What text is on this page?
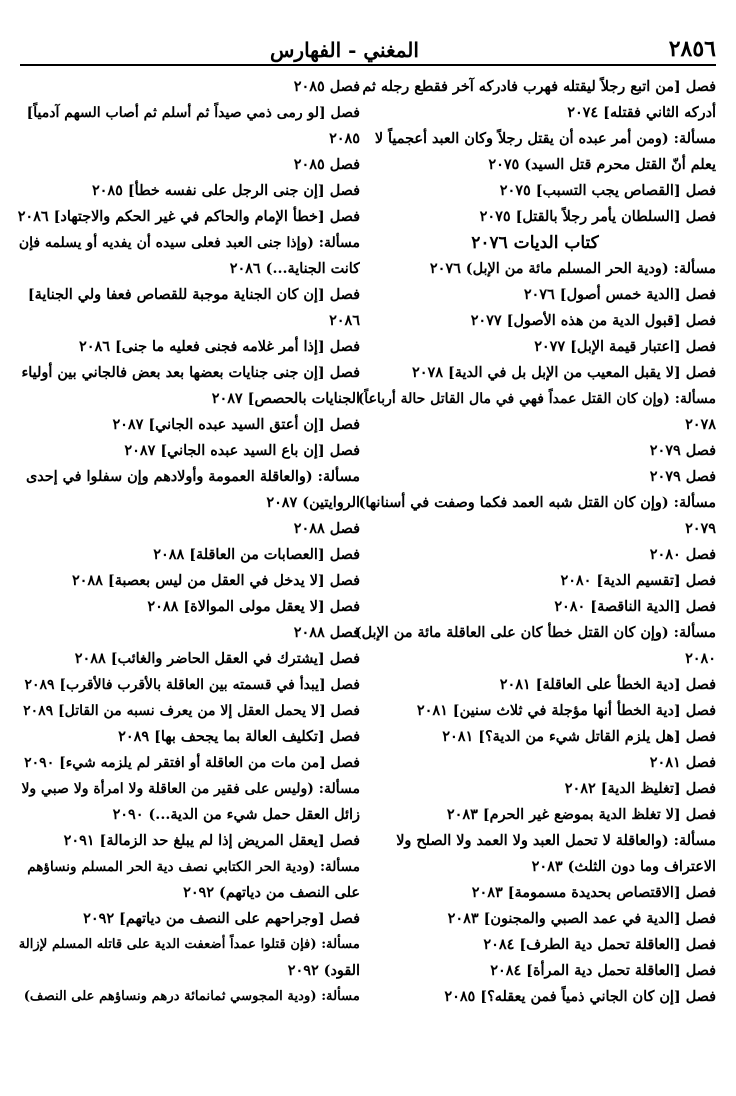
٢٨٥٦
المغني - الفهارس
فصل [من اتبع رجلاً ليقتله فهرب فادركه آخر فقطع رجله ثم
أدركه الثاني فقتله] ٢٠٧٤
مسألة: (ومن أمر عبده أن يقتل رجلاً وكان العبد أعجمياً لا
يعلم أنّ القتل محرم قتل السيد) ٢٠٧٥
فصل [القصاص يجب التسبب] ٢٠٧٥
فصل [السلطان يأمر رجلاً بالقتل] ٢٠٧٥
كتاب الديات ٢٠٧٦
مسألة: (ودية الحر المسلم مائة من الإبل) ٢٠٧٦
فصل [الدية خمس أصول] ٢٠٧٦
فصل [قبول الدية من هذه الأصول] ٢٠٧٧
فصل [اعتبار قيمة الإبل] ٢٠٧٧
فصل [لا يقبل المعيب من الإبل بل في الدية] ٢٠٧٨
مسألة: (وإن كان القتل عمداً فهي في مال القاتل حالة أرباعاً)
٢٠٧٨
فصل ٢٠٧٩
فصل ٢٠٧٩
مسألة: (وإن كان القتل شبه العمد فكما وصفت في أسنانها)
٢٠٧٩
فصل ٢٠٨٠
فصل [تقسيم الدية] ٢٠٨٠
فصل [الدية الناقصة] ٢٠٨٠
مسألة: (وإن كان القتل خطأ كان على العاقلة مائة من الإبل)
٢٠٨٠
فصل [دية الخطأ على العاقلة] ٢٠٨١
فصل [دية الخطأ أنها مؤجلة في ثلاث سنين] ٢٠٨١
فصل [هل يلزم القاتل شيء من الدية؟] ٢٠٨١
فصل ٢٠٨١
فصل [تغليظ الدية] ٢٠٨٢
فصل [لا تغلظ الدية بموضع غير الحرم] ٢٠٨٣
مسألة: (والعاقلة لا تحمل العبد ولا العمد ولا الصلح ولا
الاعتراف وما دون الثلث) ٢٠٨٣
فصل [الاقتصاص بحديدة مسمومة] ٢٠٨٣
فصل [الدية في عمد الصبي والمجنون] ٢٠٨٣
فصل [العاقلة تحمل دية الطرف] ٢٠٨٤
فصل [العاقلة تحمل دية المرأة] ٢٠٨٤
فصل [إن كان الجاني ذمياً فمن يعقله؟] ٢٠٨٥
فصل ٢٠٨٥
فصل [لو رمى ذمي صيداً ثم أسلم ثم أصاب السهم آدمياً]
٢٠٨٥
فصل ٢٠٨٥
فصل [إن جنى الرجل على نفسه خطأ] ٢٠٨٥
فصل [خطأ الإمام والحاكم في غير الحكم والاجتهاد] ٢٠٨٦
مسألة: (وإذا جنى العبد فعلى سيده أن يفديه أو يسلمه فإن
كانت الجناية...) ٢٠٨٦
فصل [إن كان الجناية موجبة للقصاص فعفا ولي الجناية]
٢٠٨٦
فصل [إذا أمر غلامه فجنى فعليه ما جنى] ٢٠٨٦
فصل [إن جنى جنايات بعضها بعد بعض فالجاني بين أولياء
الجنايات بالحصص] ٢٠٨٧
فصل [إن أعتق السيد عبده الجاني] ٢٠٨٧
فصل [إن باع السيد عبده الجاني] ٢٠٨٧
مسألة: (والعاقلة العمومة وأولادهم وإن سفلوا في إحدى
الروايتين) ٢٠٨٧
فصل ٢٠٨٨
فصل [العصابات من العاقلة] ٢٠٨٨
فصل [لا يدخل في العقل من ليس بعصبة] ٢٠٨٨
فصل [لا يعقل مولى الموالاة] ٢٠٨٨
فصل ٢٠٨٨
فصل [يشترك في العقل الحاضر والغائب] ٢٠٨٨
فصل [يبدأ في قسمته بين العاقلة بالأقرب فالأقرب] ٢٠٨٩
فصل [لا يحمل العقل إلا من يعرف نسبه من القاتل] ٢٠٨٩
فصل [تكليف العالة بما يجحف بها] ٢٠٨٩
فصل [من مات من العاقلة أو افتقر لم يلزمه شيء] ٢٠٩٠
مسألة: (وليس على فقير من العاقلة ولا امرأة ولا صبي ولا
زائل العقل حمل شيء من الدية...) ٢٠٩٠
فصل [يعقل المريض إذا لم يبلغ حد الزمالة] ٢٠٩١
مسألة: (ودية الحر الكتابي نصف دية الحر المسلم ونساؤهم
على النصف من دياتهم) ٢٠٩٢
فصل [وجراحهم على النصف من دياتهم] ٢٠٩٢
مسألة: (فإن قتلوا عمداً أضعفت الدية على قاتله المسلم لإزالة
القود) ٢٠٩٢
مسألة: (ودية المجوسي ثمانمائة درهم ونساؤهم على النصف)
